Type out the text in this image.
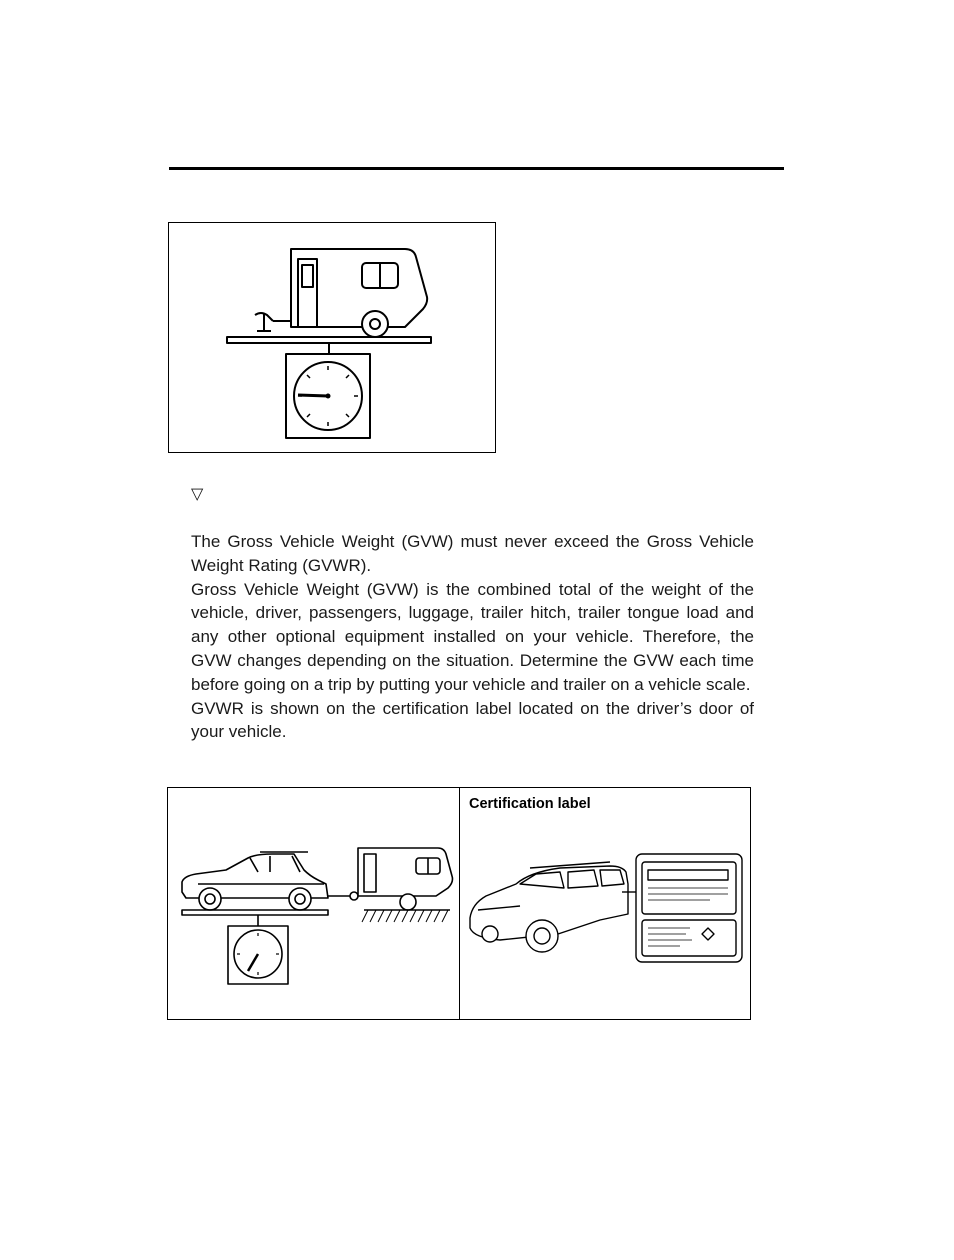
▽

The Gross Vehicle Weight (GVW) must never exceed the Gross Vehicle Weight Rating (GVWR).

Gross Vehicle Weight (GVW) is the combined total of the weight of the vehicle, driver, passengers, luggage, trailer hitch, trailer tongue load and any other optional equipment installed on your vehicle. Therefore, the GVW changes depending on the situation. Determine the GVW each time before going on a trip by putting your vehicle and trailer on a vehicle scale.

GVWR is shown on the certification label located on the driver’s door of your vehicle.

Certification label
